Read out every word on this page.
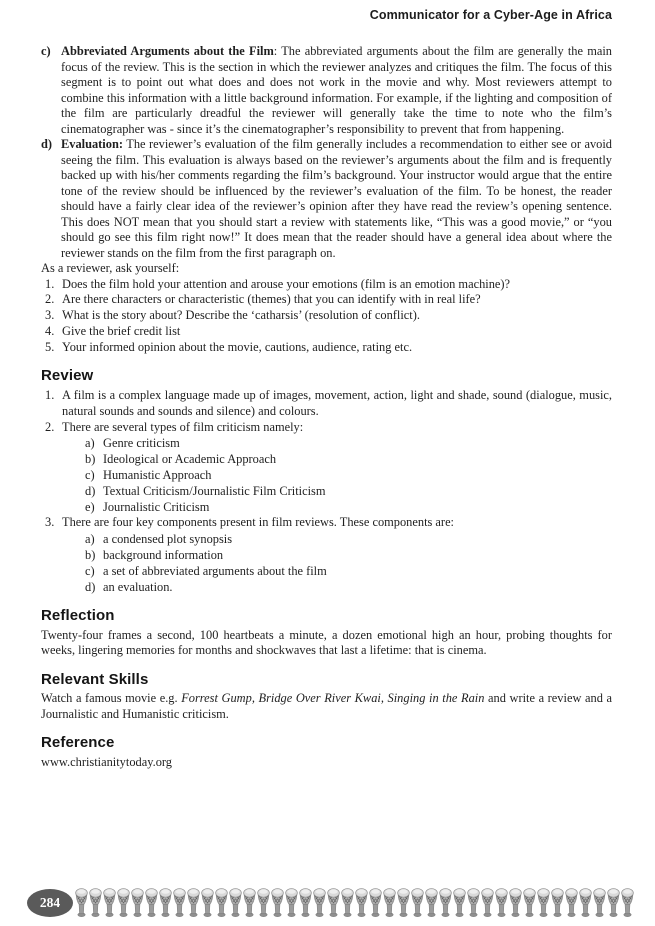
Communicator for a Cyber-Age in Africa
c) Abbreviated Arguments about the Film: The abbreviated arguments about the film are generally the main focus of the review. This is the section in which the reviewer analyzes and critiques the film. The focus of this segment is to point out what does and does not work in the movie and why. Most reviewers attempt to combine this information with a little background information. For example, if the lighting and composition of the film are particularly dreadful the reviewer will generally take the time to note who the film’s cinematographer was - since it’s the cinematographer’s responsibility to prevent that from happening.
d) Evaluation: The reviewer’s evaluation of the film generally includes a recommendation to either see or avoid seeing the film. This evaluation is always based on the reviewer’s arguments about the film and is frequently backed up with his/her comments regarding the film’s background. Your instructor would argue that the entire tone of the review should be influenced by the reviewer’s evaluation of the film. To be honest, the reader should have a fairly clear idea of the reviewer’s opinion after they have read the review’s opening sentence. This does NOT mean that you should start a review with statements like, “This was a good movie,” or “you should go see this film right now!” It does mean that the reader should have a general idea about where the reviewer stands on the film from the first paragraph on.
As a reviewer, ask yourself:
1. Does the film hold your attention and arouse your emotions (film is an emotion machine)?
2. Are there characters or characteristic (themes) that you can identify with in real life?
3. What is the story about? Describe the ‘catharsis’ (resolution of conflict).
4. Give the brief credit list
5. Your informed opinion about the movie, cautions, audience, rating etc.
Review
1. A film is a complex language made up of images, movement, action, light and shade, sound (dialogue, music, natural sounds and sounds and silence) and colours.
2. There are several types of film criticism namely:
a) Genre criticism
b) Ideological or Academic Approach
c) Humanistic Approach
d) Textual Criticism/Journalistic Film Criticism
e) Journalistic Criticism
3. There are four key components present in film reviews. These components are:
a) a condensed plot synopsis
b) background information
c) a set of abbreviated arguments about the film
d) an evaluation.
Reflection
Twenty-four frames a second, 100 heartbeats a minute, a dozen emotional high an hour, probing thoughts for weeks, lingering memories for months and shockwaves that last a lifetime: that is cinema.
Relevant Skills
Watch a famous movie e.g. Forrest Gump, Bridge Over River Kwai, Singing in the Rain and write a review and a Journalistic and Humanistic criticism.
Reference
www.christianitytoday.org
284
